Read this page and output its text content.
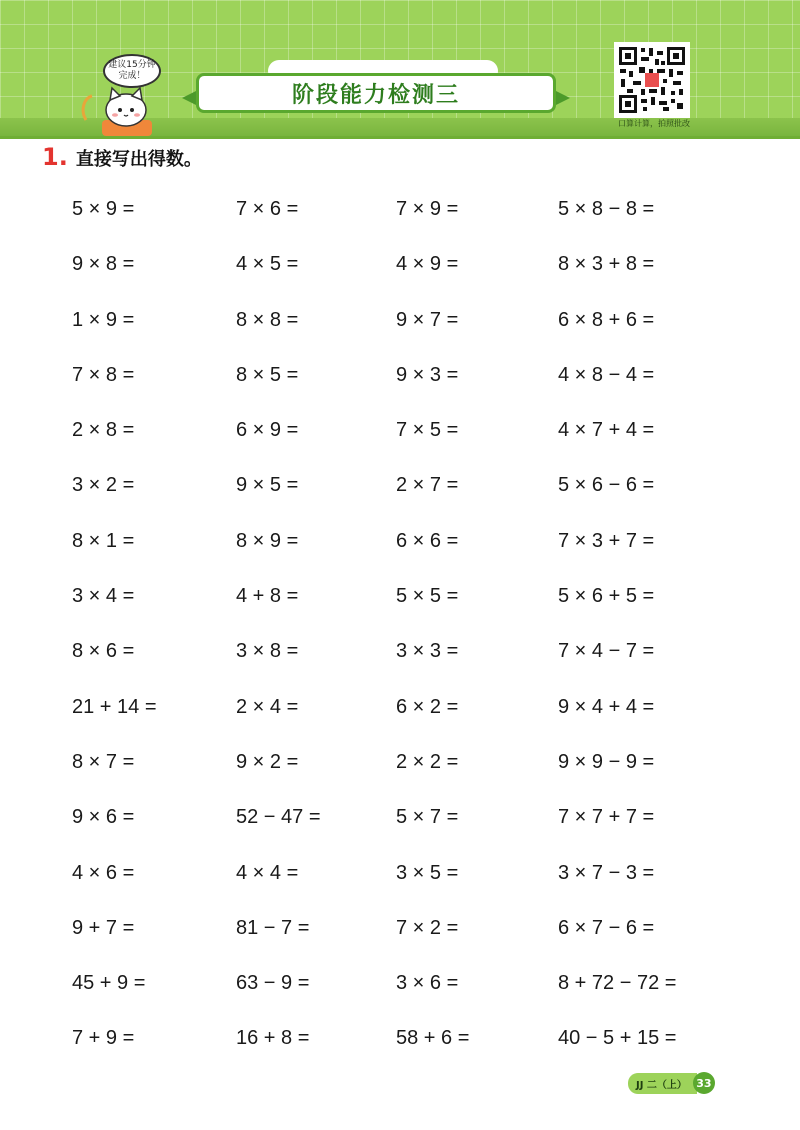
建议15分钟完成！
阶段能力检测三
口算计算，拍照批改
1. 直接写出得数。
5 × 9 =	7 × 6 =	7 × 9 =	5 × 8 − 8 =
9 × 8 =	4 × 5 =	4 × 9 =	8 × 3 + 8 =
1 × 9 =	8 × 8 =	9 × 7 =	6 × 8 + 6 =
7 × 8 =	8 × 5 =	9 × 3 =	4 × 8 − 4 =
2 × 8 =	6 × 9 =	7 × 5 =	4 × 7 + 4 =
3 × 2 =	9 × 5 =	2 × 7 =	5 × 6 − 6 =
8 × 1 =	8 × 9 =	6 × 6 =	7 × 3 + 7 =
3 × 4 =	4 + 8 =	5 × 5 =	5 × 6 + 5 =
8 × 6 =	3 × 8 =	3 × 3 =	7 × 4 − 7 =
21 + 14 =	2 × 4 =	6 × 2 =	9 × 4 + 4 =
8 × 7 =	9 × 2 =	2 × 2 =	9 × 9 − 9 =
9 × 6 =	52 − 47 =	5 × 7 =	7 × 7 + 7 =
4 × 6 =	4 × 4 =	3 × 5 =	3 × 7 − 3 =
9 + 7 =	81 − 7 =	7 × 2 =	6 × 7 − 6 =
45 + 9 =	63 − 9 =	3 × 6 =	8 + 72 − 72 =
7 + 9 =	16 + 8 =	58 + 6 =	40 − 5 + 15 =
JJ 二（上） 33
